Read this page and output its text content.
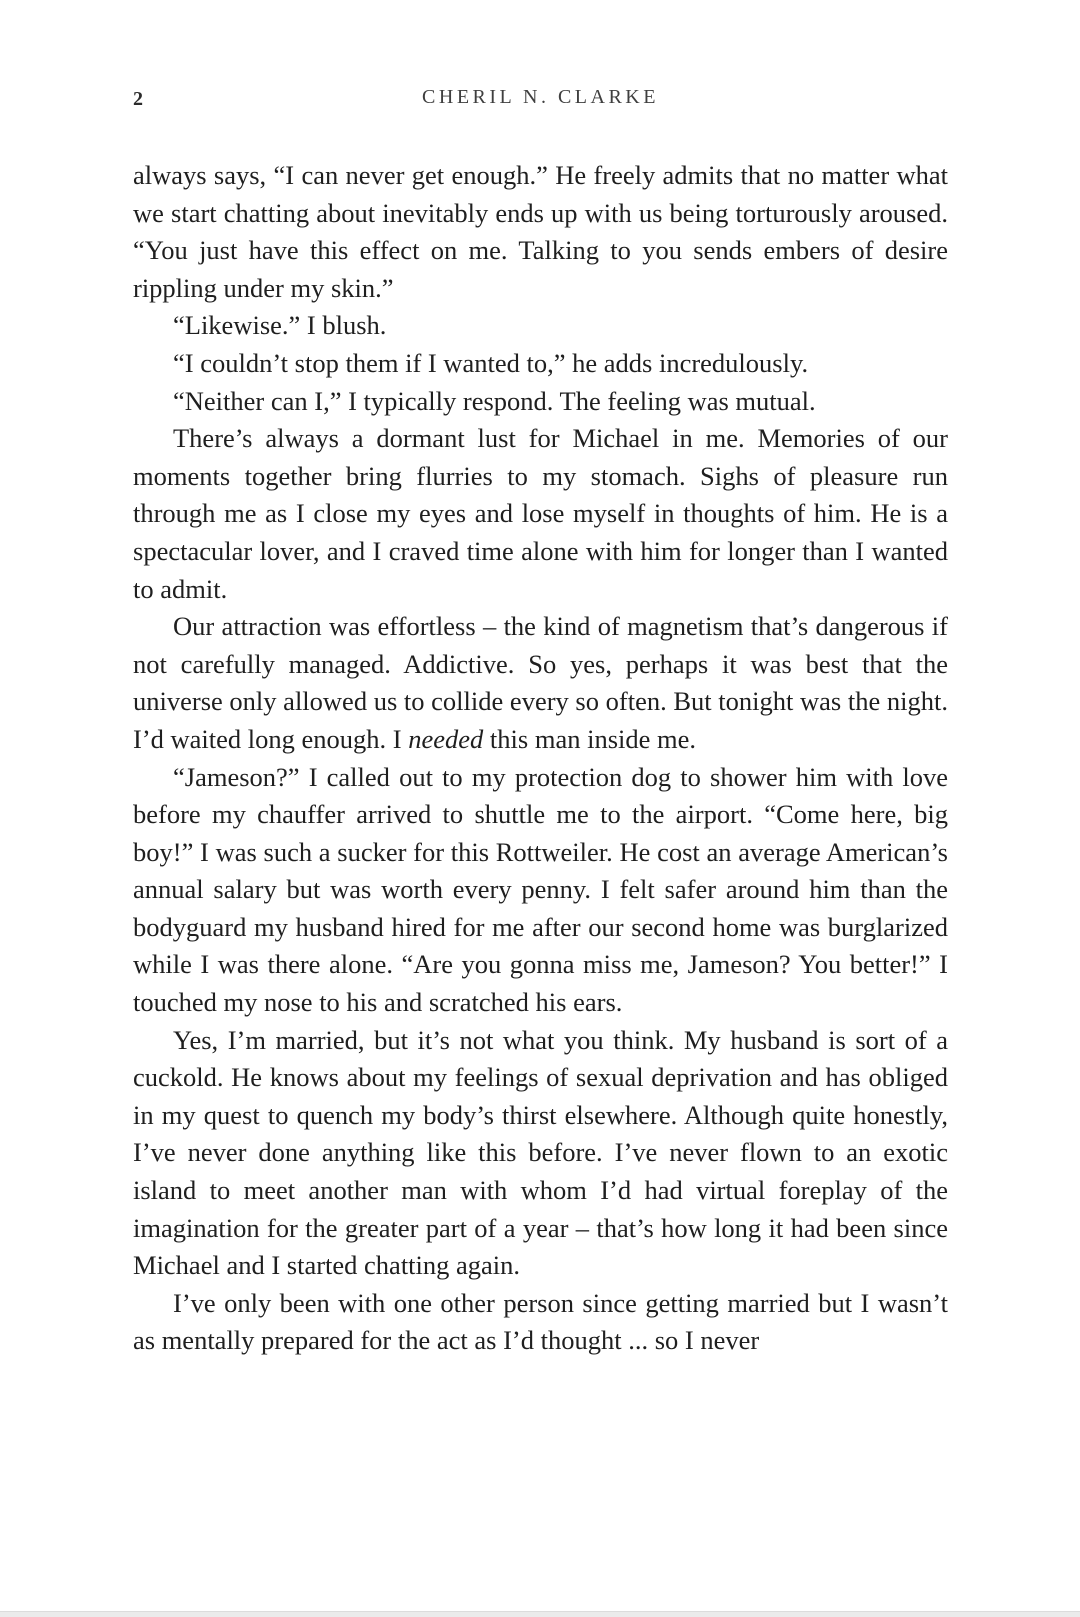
2	CHERIL N. CLARKE

always says, “I can never get enough.” He freely admits that no matter what we start chatting about inevitably ends up with us being torturously aroused. “You just have this effect on me. Talking to you sends embers of desire rippling under my skin.”

“Likewise.” I blush.

“I couldn’t stop them if I wanted to,” he adds incredulously.

“Neither can I,” I typically respond. The feeling was mutual.

There’s always a dormant lust for Michael in me. Memories of our moments together bring flurries to my stomach. Sighs of pleasure run through me as I close my eyes and lose myself in thoughts of him. He is a spectacular lover, and I craved time alone with him for longer than I wanted to admit.

Our attraction was effortless – the kind of magnetism that’s dangerous if not carefully managed. Addictive. So yes, perhaps it was best that the universe only allowed us to collide every so often. But tonight was the night. I’d waited long enough. I needed this man inside me.

“Jameson?” I called out to my protection dog to shower him with love before my chauffer arrived to shuttle me to the airport. “Come here, big boy!” I was such a sucker for this Rottweiler. He cost an average American’s annual salary but was worth every penny. I felt safer around him than the bodyguard my husband hired for me after our second home was burglarized while I was there alone. “Are you gonna miss me, Jameson? You better!” I touched my nose to his and scratched his ears.

Yes, I’m married, but it’s not what you think. My husband is sort of a cuckold. He knows about my feelings of sexual deprivation and has obliged in my quest to quench my body’s thirst elsewhere. Although quite honestly, I’ve never done anything like this before. I’ve never flown to an exotic island to meet another man with whom I’d had virtual foreplay of the imagination for the greater part of a year – that’s how long it had been since Michael and I started chatting again.

I’ve only been with one other person since getting married but I wasn’t as mentally prepared for the act as I’d thought ... so I never
